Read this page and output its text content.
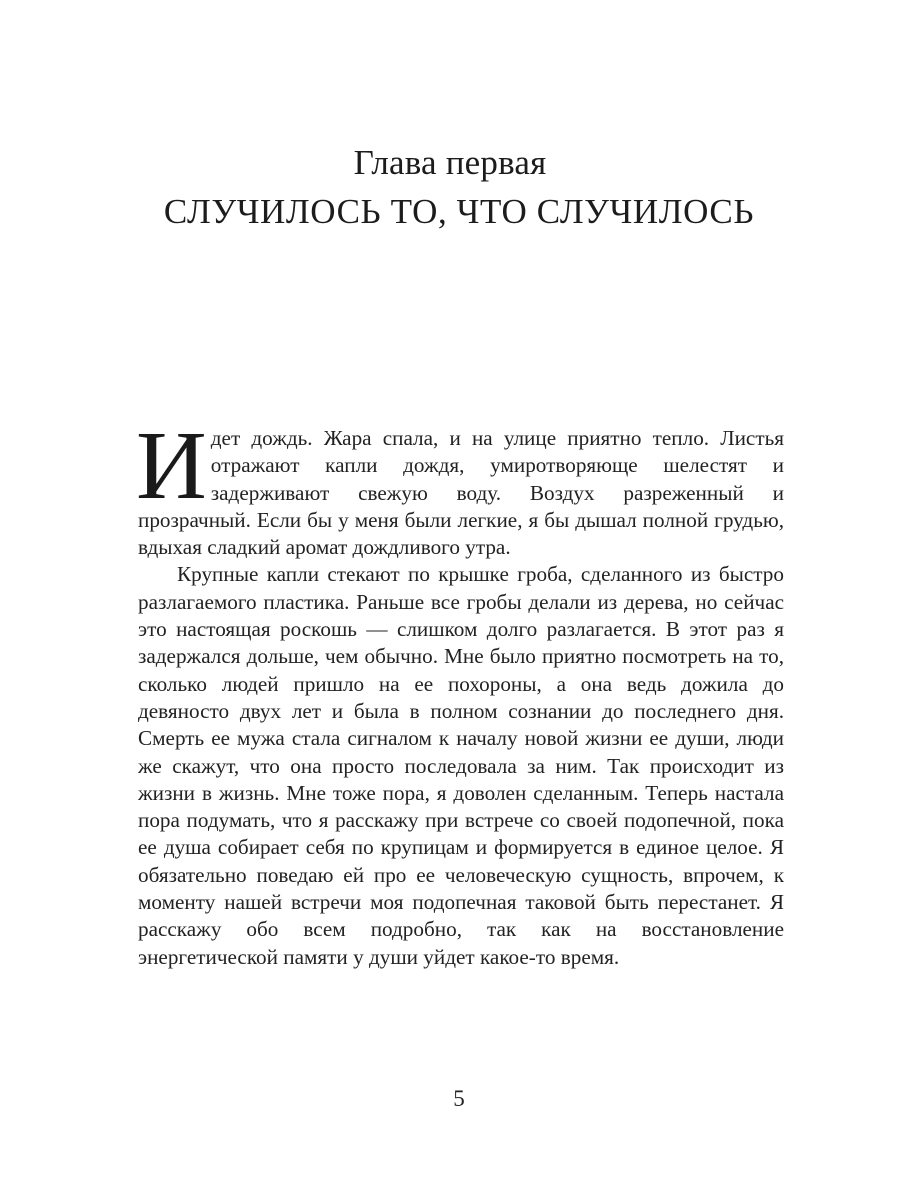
Глава первая
СЛУЧИЛОСЬ ТО, ЧТО СЛУЧИЛОСЬ

Идет дождь. Жара спала, и на улице приятно тепло. Листья отражают капли дождя, умиротворяюще шелестят и задерживают свежую воду. Воздух разреженный и прозрачный. Если бы у меня были легкие, я бы дышал полной грудью, вдыхая сладкий аромат дождливого утра.

Крупные капли стекают по крышке гроба, сделанного из быстро разлагаемого пластика. Раньше все гробы делали из дерева, но сейчас это настоящая роскошь — слишком долго разлагается. В этот раз я задержался дольше, чем обычно. Мне было приятно посмотреть на то, сколько людей пришло на ее похороны, а она ведь дожила до девяносто двух лет и была в полном сознании до последнего дня. Смерть ее мужа стала сигналом к началу новой жизни ее души, люди же скажут, что она просто последовала за ним. Так происходит из жизни в жизнь. Мне тоже пора, я доволен сделанным. Теперь настала пора подумать, что я расскажу при встрече со своей подопечной, пока ее душа собирает себя по крупицам и формируется в единое целое. Я обязательно поведаю ей про ее человеческую сущность, впрочем, к моменту нашей встречи моя подопечная таковой быть перестанет. Я расскажу обо всем подробно, так как на восстановление энергетической памяти у души уйдет какое-то время.

5
